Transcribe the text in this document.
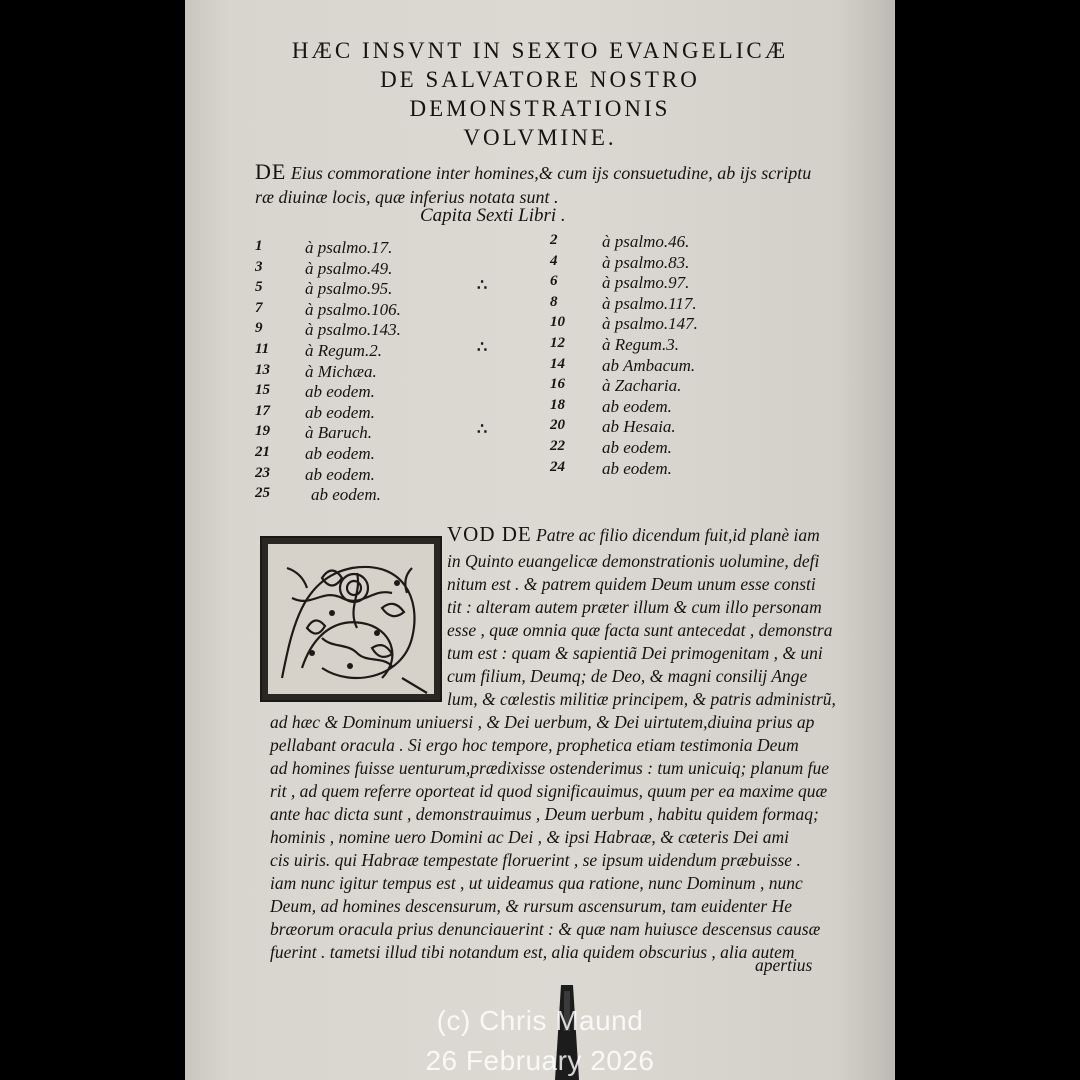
HÆC INSVNT IN SEXTO EVANGELICÆ
DE SALVATORE NOSTRO
DEMONSTRATIONIS
VOLVMINE.
DE Eius commoratione inter homines,& cum ijs consuetudine, ab ijs scriptu
ræ diuinæ locis, quæ inferius notata sunt .
Capita Sexti Libri .
1	à psalmo.17.	2	à psalmo.46.
3	à psalmo.49.	4	à psalmo.83.
5	à psalmo.95.	6	à psalmo.97.
7	à psalmo.106.	8	à psalmo.117.
9	à psalmo.143.	10	à psalmo.147.
11	à Regum.2.	12	à Regum.3.
13	à Michæa.	14	ab Ambacum.
15	ab eodem.	16	à Zacharia.
17	ab eodem.	18	ab eodem.
19	à Baruch.	20	ab Hesaia.
21	ab eodem.	22	ab eodem.
23	ab eodem.	24	ab eodem.
25	ab eodem.
∴
∴
∴
VOD DE Patre ac filio dicendum fuit,id planè iam
in Quinto euangelicæ demonstrationis uolumine, defi
nitum est . & patrem quidem Deum unum esse consti
tit : alteram autem præter illum & cum illo personam
esse , quæ omnia quæ facta sunt antecedat , demonstra
tum est : quam & sapientiã Dei primogenitam , & uni
cum filium, Deumq; de Deo, & magni consilij Ange
lum, & cœlestis militiæ principem, & patris administrũ,
ad hæc & Dominum uniuersi , & Dei uerbum, & Dei uirtutem,diuina prius ap
pellabant oracula . Si ergo hoc tempore, prophetica etiam testimonia Deum
ad homines fuisse uenturum,prædixisse ostenderimus : tum unicuiq; planum fue
rit , ad quem referre oporteat id quod significauimus, quum per ea maxime quæ
ante hac dicta sunt , demonstrauimus , Deum uerbum , habitu quidem formaq;
hominis , nomine uero Domini ac Dei , & ipsi Habraæ, & cæteris Dei ami
cis uiris. qui Habraæ tempestate floruerint , se ipsum uidendum præbuisse .
iam nunc igitur tempus est , ut uideamus qua ratione, nunc Dominum , nunc
Deum, ad homines descensurum, & rursum ascensurum, tam euidenter He
bræorum oracula prius denunciauerint : & quæ nam huiusce descensus causæ
fuerint . tametsi illud tibi notandum est, alia quidem obscurius , alia autem
apertius
(c) Chris Maund
26 February 2026
